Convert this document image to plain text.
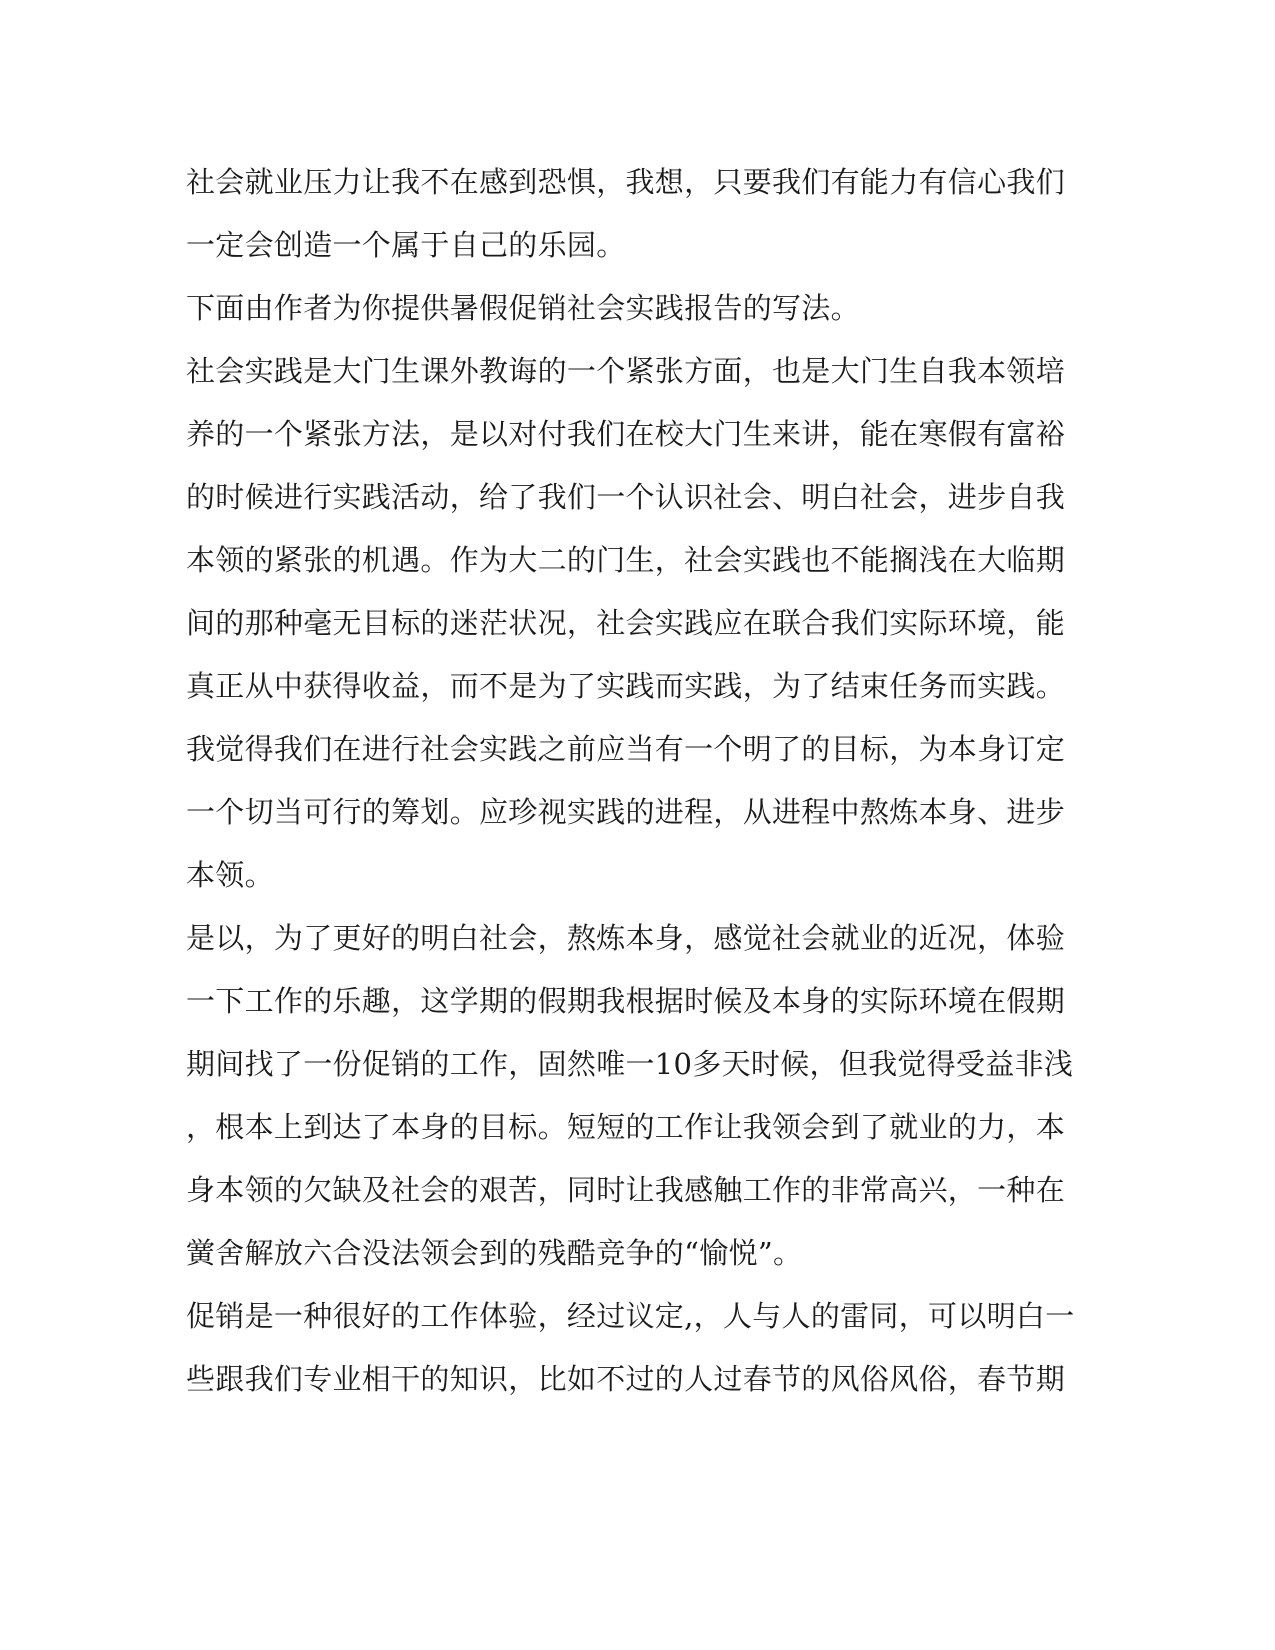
社会就业压力让我不在感到恐惧，我想，只要我们有能力有信心我们
一定会创造一个属于自己的乐园。
下面由作者为你提供暑假促销社会实践报告的写法。
社会实践是大门生课外教诲的一个紧张方面，也是大门生自我本领培
养的一个紧张方法，是以对付我们在校大门生来讲，能在寒假有富裕
的时候进行实践活动，给了我们一个认识社会、明白社会，进步自我
本领的紧张的机遇。作为大二的门生，社会实践也不能搁浅在大临期
间的那种毫无目标的迷茫状况，社会实践应在联合我们实际环境，能
真正从中获得收益，而不是为了实践而实践，为了结束任务而实践。
我觉得我们在进行社会实践之前应当有一个明了的目标，为本身订定
一个切当可行的筹划。应珍视实践的进程，从进程中熬炼本身、进步
本领。
是以，为了更好的明白社会，熬炼本身，感觉社会就业的近况，体验
一下工作的乐趣，这学期的假期我根据时候及本身的实际环境在假期
期间找了一份促销的工作，固然唯一10多天时候，但我觉得受益非浅
，根本上到达了本身的目标。短短的工作让我领会到了就业的力，本
身本领的欠缺及社会的艰苦，同时让我感触工作的非常高兴，一种在
黉舍解放六合没法领会到的残酷竞争的“愉悦”。
促销是一种很好的工作体验，经过议定,，人与人的雷同，可以明白一
些跟我们专业相干的知识，比如不过的人过春节的风俗风俗，春节期
